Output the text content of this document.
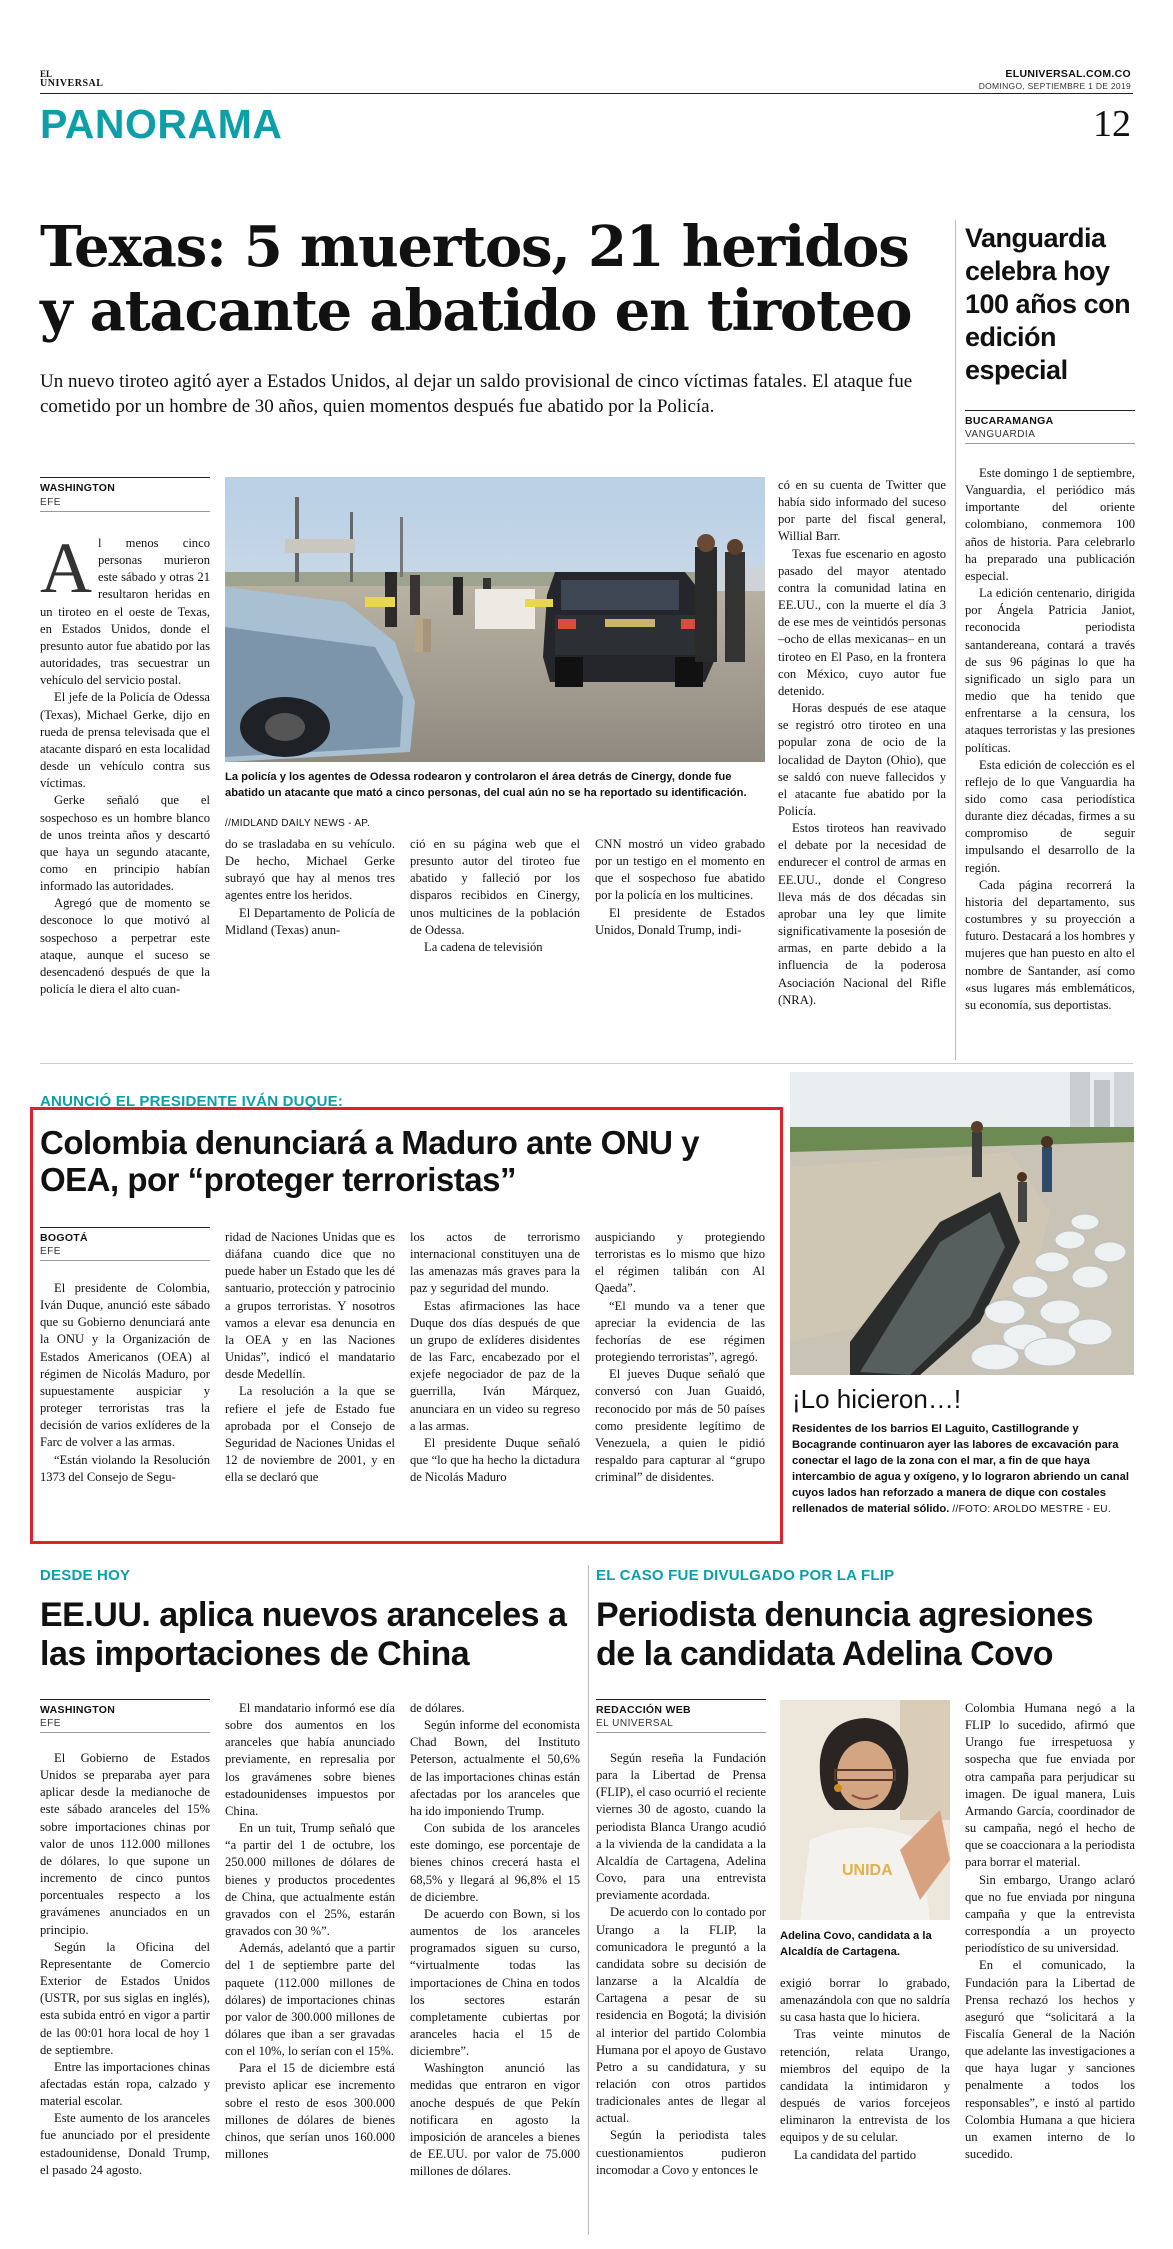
EL
UNIVERSAL
ELUNIVERSAL.COM.CO
DOMINGO, SEPTIEMBRE 1 DE 2019
PANORAMA	12
Texas: 5 muertos, 21 heridos y atacante abatido en tiroteo
Un nuevo tiroteo agitó ayer a Estados Unidos, al dejar un saldo provisional de cinco víctimas fatales. El ataque fue cometido por un hombre de 30 años, quien momentos después fue abatido por la Policía.
WASHINGTON
EFE

Al menos cinco personas murieron este sábado y otras 21 resultaron heridas en un tiroteo en el oeste de Texas, en Estados Unidos, donde el presunto autor fue abatido por las autoridades, tras secuestrar un vehículo del servicio postal.

El jefe de la Policía de Odessa (Texas), Michael Gerke, dijo en rueda de prensa televisada que el atacante disparó en esta localidad desde un vehículo contra sus víctimas.

Gerke señaló que el sospechoso es un hombre blanco de unos treinta años y descartó que haya un segundo atacante, como en principio habían informado las autoridades.

Agregó que de momento se desconoce lo que motivó al sospechoso a perpetrar este ataque, aunque el suceso se desencadenó después de que la policía le diera el alto cuan-

La policía y los agentes de Odessa rodearon y controlaron el área detrás de Cinergy, donde fue abatido un atacante que mató a cinco personas, del cual aún no se ha reportado su identificación.
//MIDLAND DAILY NEWS - AP.

do se trasladaba en su vehículo. De hecho, Michael Gerke subrayó que hay al menos tres agentes entre los heridos.

El Departamento de Policía de Midland (Texas) anun-

ció en su página web que el presunto autor del tiroteo fue abatido y falleció por los disparos recibidos en Cinergy, unos multicines de la población de Odessa.

La cadena de televisión

CNN mostró un video grabado por un testigo en el momento en que el sospechoso fue abatido por la policía en los multicines.

El presidente de Estados Unidos, Donald Trump, indi-

có en su cuenta de Twitter que había sido informado del suceso por parte del fiscal general, Willial Barr.

Texas fue escenario en agosto pasado del mayor atentado contra la comunidad latina en EE.UU., con la muerte el día 3 de ese mes de veintidós personas –ocho de ellas mexicanas– en un tiroteo en El Paso, en la frontera con México, cuyo autor fue detenido.

Horas después de ese ataque se registró otro tiroteo en una popular zona de ocio de la localidad de Dayton (Ohio), que se saldó con nueve fallecidos y el atacante fue abatido por la Policía.

Estos tiroteos han reavivado el debate por la necesidad de endurecer el control de armas en EE.UU., donde el Congreso lleva más de dos décadas sin aprobar una ley que limite significativamente la posesión de armas, en parte debido a la influencia de la poderosa Asociación Nacional del Rifle (NRA).

Vanguardia celebra hoy 100 años con edición especial
BUCARAMANGA
VANGUARDIA

Este domingo 1 de septiembre, Vanguardia, el periódico más importante del oriente colombiano, conmemora 100 años de historia. Para celebrarlo ha preparado una publicación especial.

La edición centenario, dirigida por Ángela Patricia Janiot, reconocida periodista santandereana, contará a través de sus 96 páginas lo que ha significado un siglo para un medio que ha tenido que enfrentarse a la censura, los ataques terroristas y las presiones políticas.

Esta edición de colección es el reflejo de lo que Vanguardia ha sido como casa periodística durante diez décadas, firmes a su compromiso de seguir impulsando el desarrollo de la región.

Cada página recorrerá la historia del departamento, sus costumbres y su proyección a futuro. Destacará a los hombres y mujeres que han puesto en alto el nombre de Santander, así como «sus lugares más emblemáticos, su economía, sus deportistas.

ANUNCIÓ EL PRESIDENTE IVÁN DUQUE:
Colombia denunciará a Maduro ante ONU y OEA, por “proteger terroristas”
BOGOTÁ
EFE

El presidente de Colombia, Iván Duque, anunció este sábado que su Gobierno denunciará ante la ONU y la Organización de Estados Americanos (OEA) al régimen de Nicolás Maduro, por supuestamente auspiciar y proteger terroristas tras la decisión de varios exlíderes de la Farc de volver a las armas.

“Están violando la Resolución 1373 del Consejo de Segu-

ridad de Naciones Unidas que es diáfana cuando dice que no puede haber un Estado que les dé santuario, protección y patrocinio a grupos terroristas. Y nosotros vamos a elevar esa denuncia en la OEA y en las Naciones Unidas”, indicó el mandatario desde Medellín.

La resolución a la que se refiere el jefe de Estado fue aprobada por el Consejo de Seguridad de Naciones Unidas el 12 de noviembre de 2001, y en ella se declaró que

los actos de terrorismo internacional constituyen una de las amenazas más graves para la paz y seguridad del mundo.

Estas afirmaciones las hace Duque dos días después de que un grupo de exlíderes disidentes de las Farc, encabezado por el exjefe negociador de paz de la guerrilla, Iván Márquez, anunciara en un video su regreso a las armas.

El presidente Duque señaló que “lo que ha hecho la dictadura de Nicolás Maduro

auspiciando y protegiendo terroristas es lo mismo que hizo el régimen talibán con Al Qaeda”.

“El mundo va a tener que apreciar la evidencia de las fechorías de ese régimen protegiendo terroristas”, agregó.

El jueves Duque señaló que conversó con Juan Guaidó, reconocido por más de 50 países como presidente legítimo de Venezuela, a quien le pidió respaldo para capturar al “grupo criminal” de disidentes.

¡Lo hicieron…!
Residentes de los barrios El Laguito, Castillogrande y Bocagrande continuaron ayer las labores de excavación para conectar el lago de la zona con el mar, a fin de que haya intercambio de agua y oxígeno, y lo lograron abriendo un canal cuyos lados han reforzado a manera de dique con costales rellenados de material sólido. //FOTO: AROLDO MESTRE - EU.
DESDE HOY
EE.UU. aplica nuevos aranceles a las importaciones de China
WASHINGTON
EFE

El Gobierno de Estados Unidos se preparaba ayer para aplicar desde la medianoche de este sábado aranceles del 15% sobre importaciones chinas por valor de unos 112.000 millones de dólares, lo que supone un incremento de cinco puntos porcentuales respecto a los gravámenes anunciados en un principio.

Según la Oficina del Representante de Comercio Exterior de Estados Unidos (USTR, por sus siglas en inglés), esta subida entró en vigor a partir de las 00:01 hora local de hoy 1 de septiembre.

Entre las importaciones chinas afectadas están ropa, calzado y material escolar.

Este aumento de los aranceles fue anunciado por el presidente estadounidense, Donald Trump, el pasado 24 agosto.

El mandatario informó ese día sobre dos aumentos en los aranceles que había anunciado previamente, en represalia por los gravámenes sobre bienes estadounidenses impuestos por China.

En un tuit, Trump señaló que “a partir del 1 de octubre, los 250.000 millones de dólares de bienes y productos procedentes de China, que actualmente están gravados con el 25%, estarán gravados con 30 %”.

Además, adelantó que a partir del 1 de septiembre parte del paquete (112.000 millones de dólares) de importaciones chinas por valor de 300.000 millones de dólares que iban a ser gravadas con el 10%, lo serían con el 15%.

Para el 15 de diciembre está previsto aplicar ese incremento sobre el resto de esos 300.000 millones de dólares de bienes chinos, que serían unos 160.000 millones

de dólares.

Según informe del economista Chad Bown, del Instituto Peterson, actualmente el 50,6% de las importaciones chinas están afectadas por los aranceles que ha ido imponiendo Trump.

Con subida de los aranceles este domingo, ese porcentaje de bienes chinos crecerá hasta el 68,5% y llegará al 96,8% el 15 de diciembre.

De acuerdo con Bown, si los aumentos de los aranceles programados siguen su curso, “virtualmente todas las importaciones de China en todos los sectores estarán completamente cubiertas por aranceles hacia el 15 de diciembre”.

Washington anunció las medidas que entraron en vigor anoche después de que Pekín notificara en agosto la imposición de aranceles a bienes de EE.UU. por valor de 75.000 millones de dólares.

EL CASO FUE DIVULGADO POR LA FLIP
Periodista denuncia agresiones de la candidata Adelina Covo
REDACCIÓN WEB
EL UNIVERSAL

Según reseña la Fundación para la Libertad de Prensa (FLIP), el caso ocurrió el reciente viernes 30 de agosto, cuando la periodista Blanca Urango acudió a la vivienda de la candidata a la Alcaldía de Cartagena, Adelina Covo, para una entrevista previamente acordada.

De acuerdo con lo contado por Urango a la FLIP, la comunicadora le preguntó a la candidata sobre su decisión de lanzarse a la Alcaldía de Cartagena a pesar de su residencia en Bogotá; la división al interior del partido Colombia Humana por el apoyo de Gustavo Petro a su candidatura, y su relación con otros partidos tradicionales antes de llegar al actual.

Según la periodista tales cuestionamientos pudieron incomodar a Covo y entonces le

UNIDA
Adelina Covo, candidata a la Alcaldía de Cartagena.

exigió borrar lo grabado, amenazándola con que no saldría su casa hasta que lo hiciera.

Tras veinte minutos de retención, relata Urango, miembros del equipo de la candidata la intimidaron y después de varios forcejeos eliminaron la entrevista de los equipos y de su celular.

La candidata del partido

Colombia Humana negó a la FLIP lo sucedido, afirmó que Urango fue irrespetuosa y sospecha que fue enviada por otra campaña para perjudicar su imagen. De igual manera, Luis Armando García, coordinador de su campaña, negó el hecho de que se coaccionara a la periodista para borrar el material.

Sin embargo, Urango aclaró que no fue enviada por ninguna campaña y que la entrevista correspondía a un proyecto periodístico de su universidad.

En el comunicado, la Fundación para la Libertad de Prensa rechazó los hechos y aseguró que “solicitará a la Fiscalía General de la Nación que adelante las investigaciones a que haya lugar y sanciones penalmente a todos los responsables”, e instó al partido Colombia Humana a que hiciera un examen interno de lo sucedido.
